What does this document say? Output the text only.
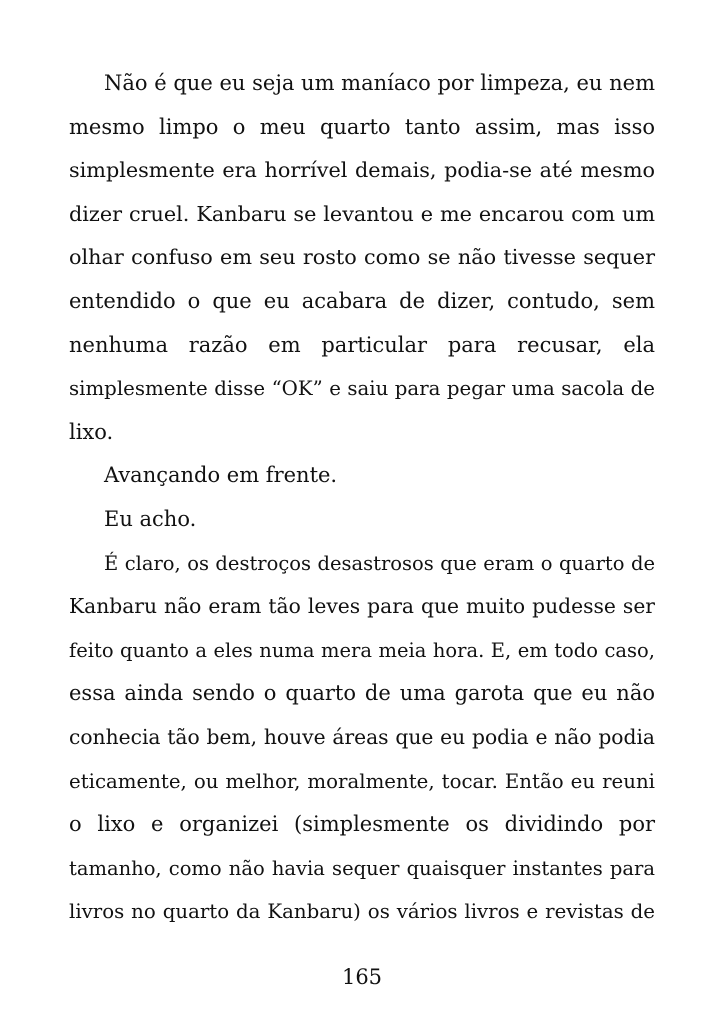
Não é que eu seja um maníaco por limpeza, eu nem
mesmo limpo o meu quarto tanto assim, mas isso
simplesmente era horrível demais, podia-se até mesmo
dizer cruel. Kanbaru se levantou e me encarou com um
olhar confuso em seu rosto como se não tivesse sequer
entendido o que eu acabara de dizer, contudo, sem
nenhuma razão em particular para recusar, ela
simplesmente disse “OK” e saiu para pegar uma sacola de
lixo.
Avançando em frente.
Eu acho.
É claro, os destroços desastrosos que eram o quarto de
Kanbaru não eram tão leves para que muito pudesse ser
feito quanto a eles numa mera meia hora. E, em todo caso,
essa ainda sendo o quarto de uma garota que eu não
conhecia tão bem, houve áreas que eu podia e não podia
eticamente, ou melhor, moralmente, tocar. Então eu reuni
o lixo e organizei (simplesmente os dividindo por
tamanho, como não havia sequer quaisquer instantes para
livros no quarto da Kanbaru) os vários livros e revistas de
165
